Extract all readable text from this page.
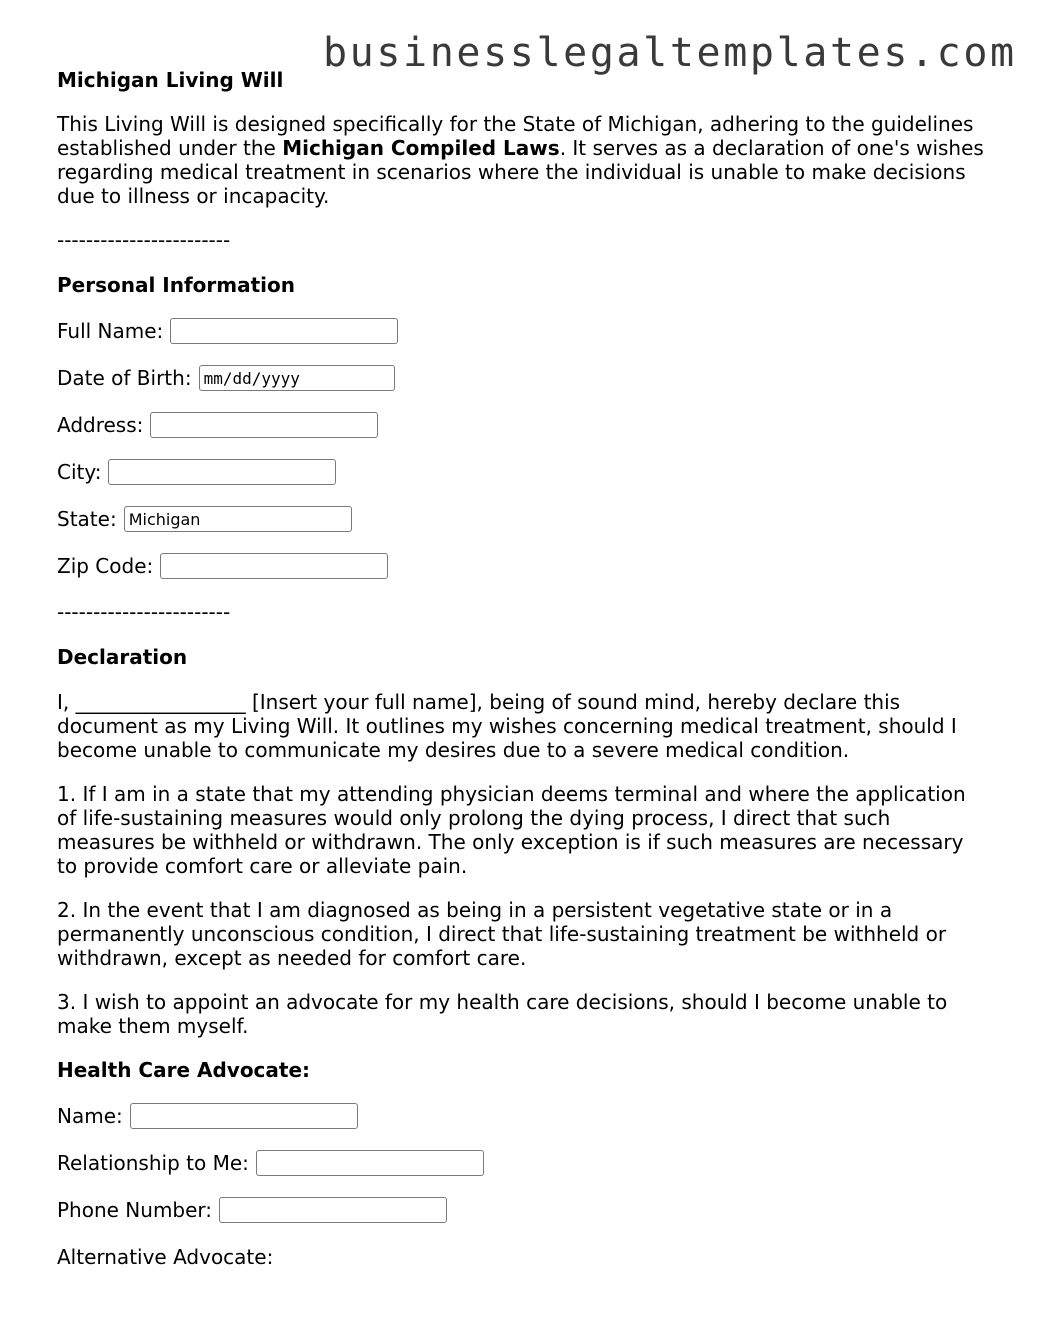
businesslegaltemplates.com
Michigan Living Will

This Living Will is designed specifically for the State of Michigan, adhering to the guidelines established under the Michigan Compiled Laws. It serves as a declaration of one's wishes regarding medical treatment in scenarios where the individual is unable to make decisions due to illness or incapacity.

------------------------
Personal Information
Full Name:
Date of Birth:
mm/dd/yyyy
Address:
City:
State:
Michigan
Zip Code:
------------------------
Declaration

I, _________________ [Insert your full name], being of sound mind, hereby declare this document as my Living Will. It outlines my wishes concerning medical treatment, should I become unable to communicate my desires due to a severe medical condition.

1. If I am in a state that my attending physician deems terminal and where the application of life-sustaining measures would only prolong the dying process, I direct that such measures be withheld or withdrawn. The only exception is if such measures are necessary to provide comfort care or alleviate pain.

2. In the event that I am diagnosed as being in a persistent vegetative state or in a permanently unconscious condition, I direct that life-sustaining treatment be withheld or withdrawn, except as needed for comfort care.

3. I wish to appoint an advocate for my health care decisions, should I become unable to make them myself.

Health Care Advocate:
Name:
Relationship to Me:
Phone Number:
Alternative Advocate:
